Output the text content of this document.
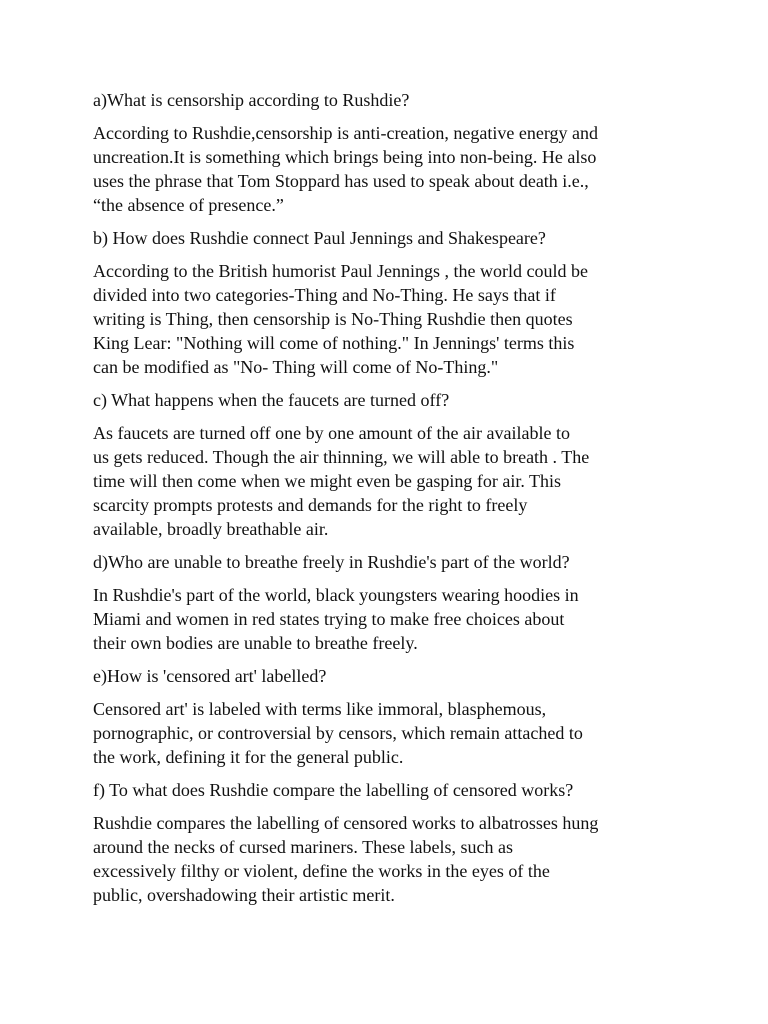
a)What is censorship according to Rushdie?

According to Rushdie,censorship is anti-creation, negative energy and
uncreation.It is something which brings being into non-being. He also
uses the phrase that Tom Stoppard has used to speak about death i.e.,
“the absence of presence.”

b) How does Rushdie connect Paul Jennings and Shakespeare?

According to the British humorist Paul Jennings , the world could be
divided into two categories-Thing and No-Thing. He says that if
writing is Thing, then censorship is No-Thing Rushdie then quotes
King Lear: "Nothing will come of nothing." In Jennings' terms this
can be modified as "No- Thing will come of No-Thing."

c) What happens when the faucets are turned off?

As faucets are turned off one by one amount of the air available to
us gets reduced. Though the air thinning, we will able to breath . The
time will then come when we might even be gasping for air. This
scarcity prompts protests and demands for the right to freely
available, broadly breathable air.

d)Who are unable to breathe freely in Rushdie's part of the world?

In Rushdie's part of the world, black youngsters wearing hoodies in
Miami and women in red states trying to make free choices about
their own bodies are unable to breathe freely.

e)How is 'censored art' labelled?

Censored art' is labeled with terms like immoral, blasphemous,
pornographic, or controversial by censors, which remain attached to
the work, defining it for the general public.

f) To what does Rushdie compare the labelling of censored works?

Rushdie compares the labelling of censored works to albatrosses hung
around the necks of cursed mariners. These labels, such as
excessively filthy or violent, define the works in the eyes of the
public, overshadowing their artistic merit.
